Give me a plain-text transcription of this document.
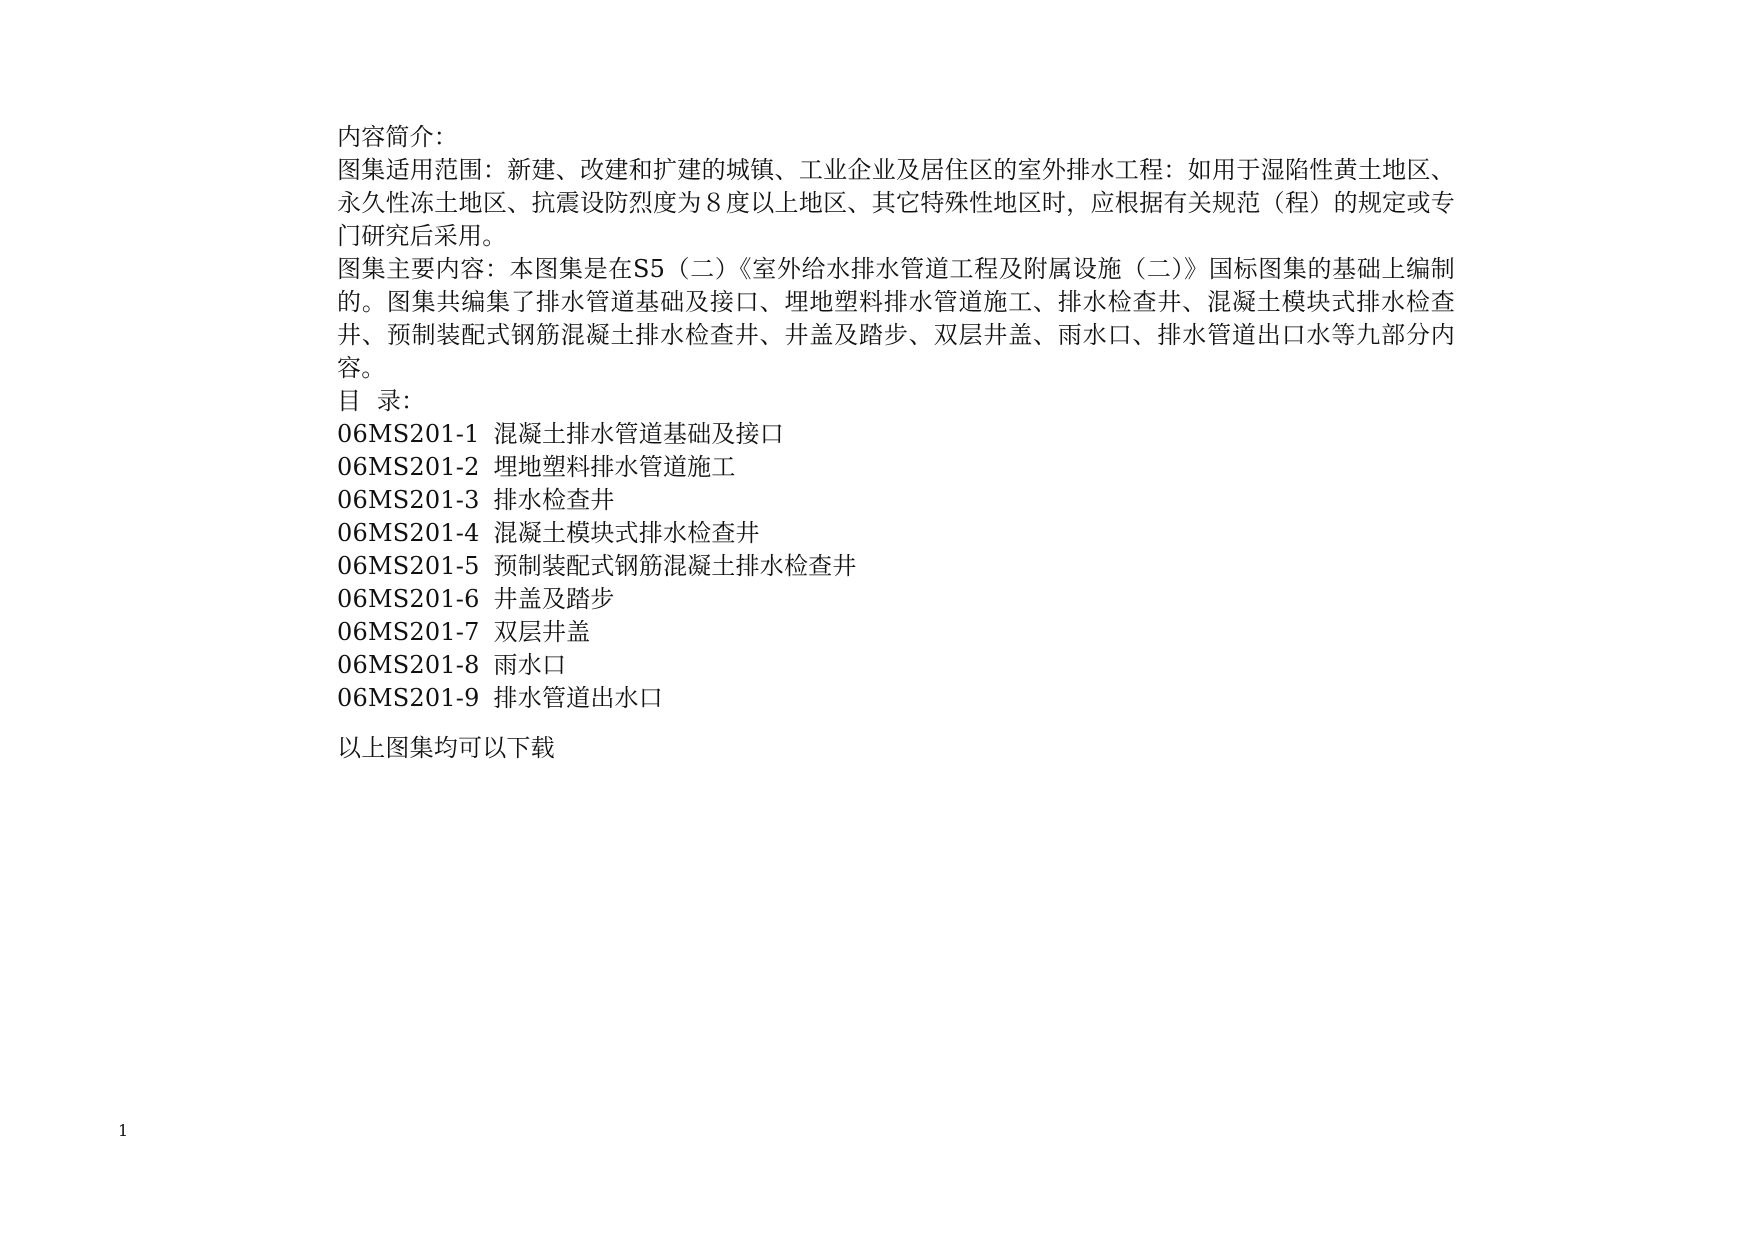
内容简介：

图集适用范围：新建、改建和扩建的城镇、工业企业及居住区的室外排水工程：如用于湿陷性黄土地区、永久性冻土地区、抗震设防烈度为８度以上地区、其它特殊性地区时，应根据有关规范（程）的规定或专门研究后采用。

图集主要内容：本图集是在S5（二）《室外给水排水管道工程及附属设施（二）》国标图集的基础上编制的。图集共编集了排水管道基础及接口、埋地塑料排水管道施工、排水检查井、混凝土模块式排水检查井、预制装配式钢筋混凝土排水检查井、井盖及踏步、双层井盖、雨水口、排水管道出口水等九部分内容。

目  录：

06MS201-1 混凝土排水管道基础及接口
06MS201-2 埋地塑料排水管道施工
06MS201-3 排水检查井
06MS201-4 混凝土模块式排水检查井
06MS201-5 预制装配式钢筋混凝土排水检查井
06MS201-6 井盖及踏步
06MS201-7 双层井盖
06MS201-8 雨水口
06MS201-9 排水管道出水口

以上图集均可以下载

1
